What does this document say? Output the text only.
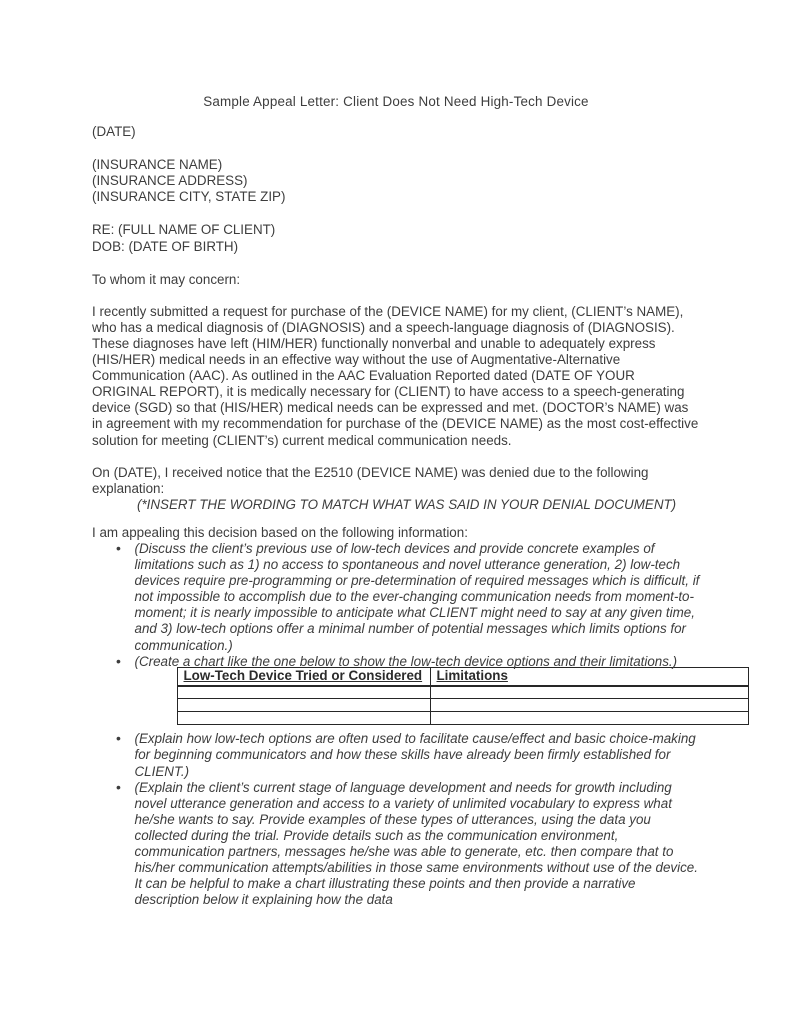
Sample Appeal Letter: Client Does Not Need High-Tech Device

(DATE)

(INSURANCE NAME)

(INSURANCE ADDRESS)

(INSURANCE CITY, STATE ZIP)

RE: (FULL NAME OF CLIENT)

DOB: (DATE OF BIRTH)

To whom it may concern:

I recently submitted a request for purchase of the (DEVICE NAME) for my client, (CLIENT’s NAME), who has a medical diagnosis of (DIAGNOSIS) and a speech-language diagnosis of (DIAGNOSIS). These diagnoses have left (HIM/HER) functionally nonverbal and unable to adequately express (HIS/HER) medical needs in an effective way without the use of Augmentative-Alternative Communication (AAC). As outlined in the AAC Evaluation Reported dated (DATE OF YOUR ORIGINAL REPORT), it is medically necessary for (CLIENT) to have access to a speech-generating device (SGD) so that (HIS/HER) medical needs can be expressed and met. (DOCTOR’s NAME) was in agreement with my recommendation for purchase of the (DEVICE NAME) as the most cost-effective solution for meeting (CLIENT’s) current medical communication needs.

On (DATE), I received notice that the E2510 (DEVICE NAME) was denied due to the following explanation:

(*INSERT THE WORDING TO MATCH WHAT WAS SAID IN YOUR DENIAL DOCUMENT)

I am appealing this decision based on the following information:

• (Discuss the client’s previous use of low-tech devices and provide concrete examples of limitations such as 1) no access to spontaneous and novel utterance generation, 2) low-tech devices require pre-programming or pre-determination of required messages which is difficult, if not impossible to accomplish due to the ever-changing communication needs from moment-to-moment; it is nearly impossible to anticipate what CLIENT might need to say at any given time, and 3) low-tech options offer a minimal number of potential messages which limits options for communication.)
• (Create a chart like the one below to show the low-tech device options and their limitations.)
Low-Tech Device Tried or Considered	Limitations

• (Explain how low-tech options are often used to facilitate cause/effect and basic choice-making for beginning communicators and how these skills have already been firmly established for CLIENT.)
• (Explain the client’s current stage of language development and needs for growth including novel utterance generation and access to a variety of unlimited vocabulary to express what he/she wants to say. Provide examples of these types of utterances, using the data you collected during the trial. Provide details such as the communication environment, communication partners, messages he/she was able to generate, etc. then compare that to his/her communication attempts/abilities in those same environments without use of the device. It can be helpful to make a chart illustrating these points and then provide a narrative description below it explaining how the data
